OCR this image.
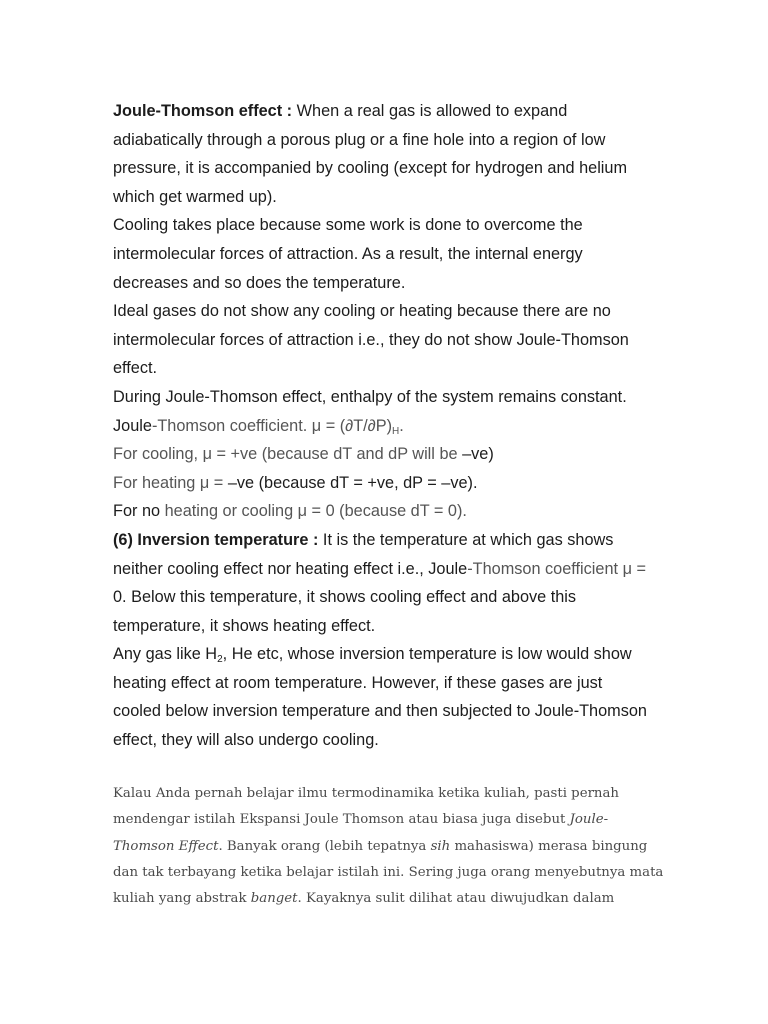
Joule-Thomson effect : When a real gas is allowed to expand

adiabatically through a porous plug or a fine hole into a region of low

pressure, it is accompanied by cooling (except for hydrogen and helium

which get warmed up).

Cooling takes place because some work is done to overcome the

intermolecular forces of attraction. As a result, the internal energy

decreases and so does the temperature.

Ideal gases do not show any cooling or heating because there are no

intermolecular forces of attraction i.e., they do not show Joule-Thomson

effect.

During Joule-Thomson effect, enthalpy of the system remains constant.

Joule-Thomson coefficient. $\mu = (\partial T/\partial P)_H$.

For cooling, μ = +ve (because dT and dP will be –ve)

For heating μ = –ve (because dT = +ve, dP = –ve).

For no heating or cooling μ = 0 (because dT = 0).

(6) Inversion temperature : It is the temperature at which gas shows

neither cooling effect nor heating effect i.e., Joule-Thomson coefficient μ =

0. Below this temperature, it shows cooling effect and above this

temperature, it shows heating effect.

Any gas like $H_2$, He etc, whose inversion temperature is low would show

heating effect at room temperature. However, if these gases are just

cooled below inversion temperature and then subjected to Joule-Thomson

effect, they will also undergo cooling.

Kalau Anda pernah belajar ilmu termodinamika ketika kuliah, pasti pernah

mendengar istilah Ekspansi Joule Thomson atau biasa juga disebut Joule-

Thomson Effect. Banyak orang (lebih tepatnya sih mahasiswa) merasa bingung

dan tak terbayang ketika belajar istilah ini. Sering juga orang menyebutnya mata

kuliah yang abstrak banget. Kayaknya sulit dilihat atau diwujudkan dalam
